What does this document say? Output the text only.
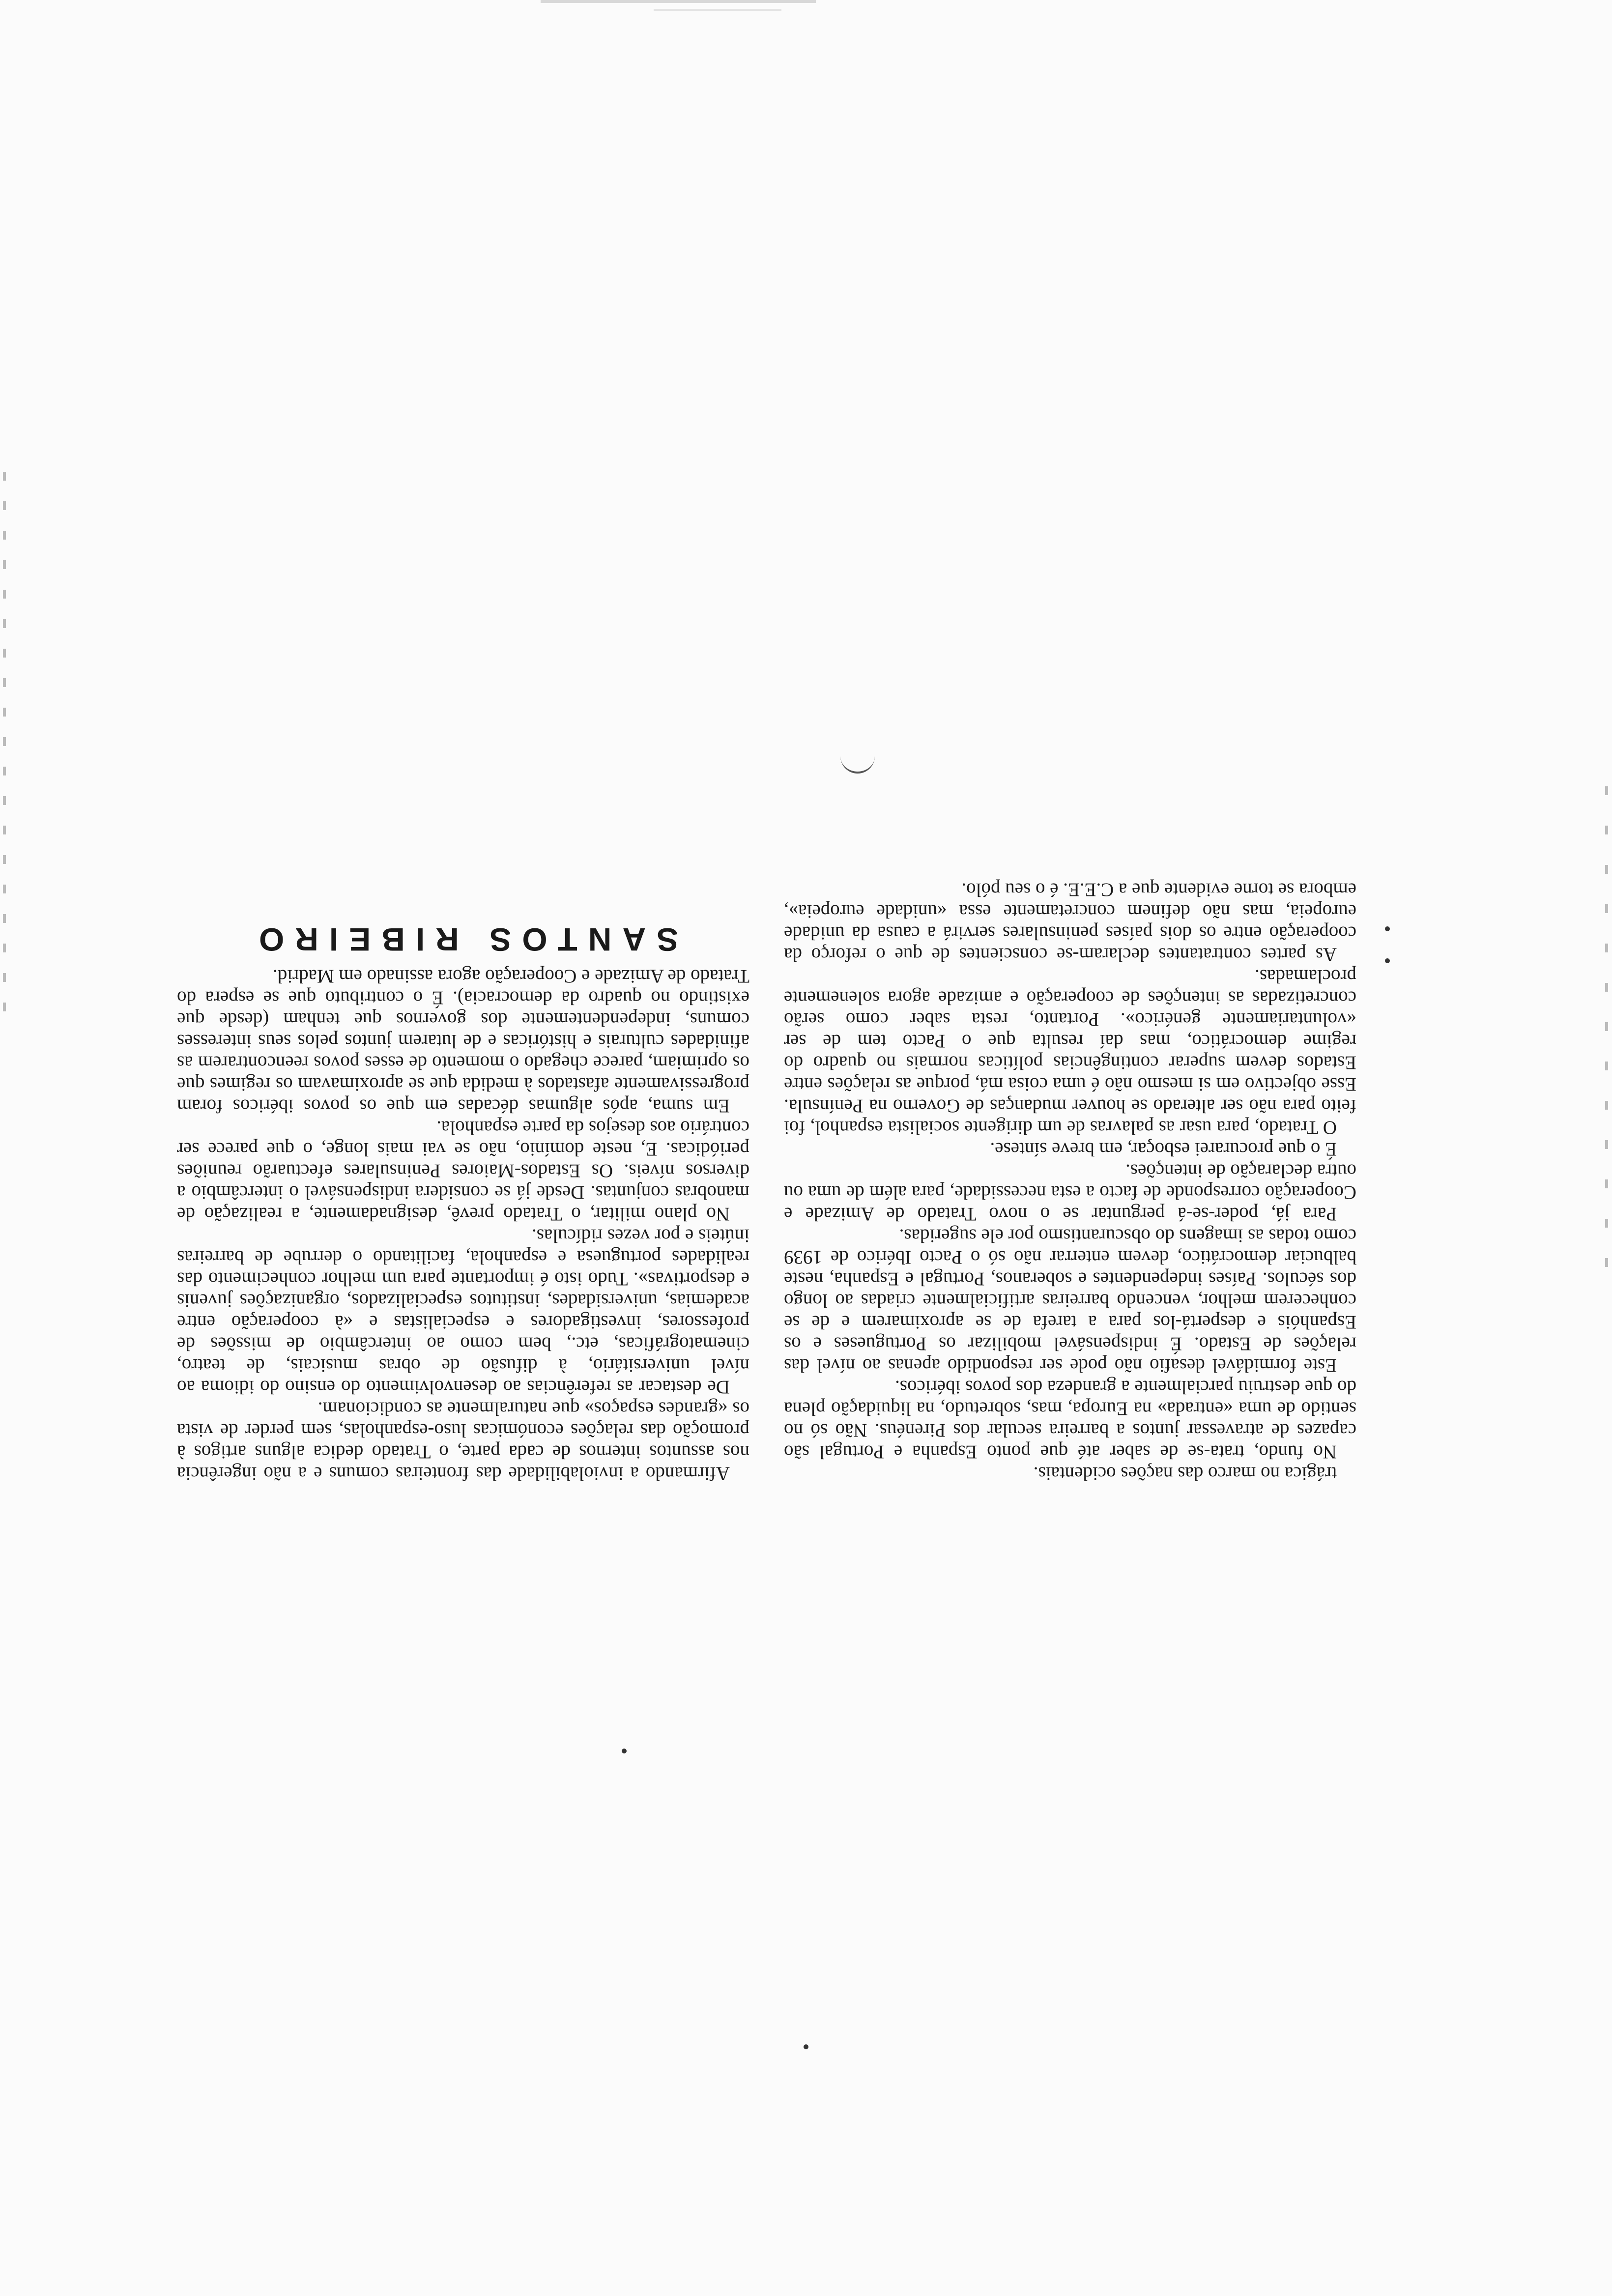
trágica no marco das nações ocidentais.

No fundo, trata-se de saber até que ponto Espanha e Portugal são capazes de atravessar juntos a barreira secular dos Pirenéus. Não só no sentido de uma «entrada» na Europa, mas, sobretudo, na liquidação plena do que destruiu parcialmente a grandeza dos povos ibéricos.

Este formidável desafio não pode ser respondido apenas ao nível das relações de Estado. É indispensável mobilizar os Portugueses e os Espanhóis e despertá-los para a tarefa de se aproximarem e de se conhecerem melhor, vencendo barreiras artificialmente criadas ao longo dos séculos. Países independentes e soberanos, Portugal e Espanha, neste balbuciar democrático, devem enterrar não só o Pacto Ibérico de 1939 como todas as imagens do obscurantismo por ele sugeridas.

Para já, poder-se-á perguntar se o novo Tratado de Amizade e Cooperação corresponde de facto a esta necessidade, para além de uma ou outra declaração de intenções.

É o que procurarei esboçar, em breve síntese.

O Tratado, para usar as palavras de um dirigente socialista espanhol, foi feito para não ser alterado se houver mudanças de Governo na Península. Esse objectivo em si mesmo não é uma coisa má, porque as relações entre Estados devem superar contingências políticas normais no quadro do regime democrático, mas daí resulta que o Pacto tem de ser «voluntariamente genérico». Portanto, resta saber como serão concretizadas as intenções de cooperação e amizade agora solenemente proclamadas.

As partes contratantes declaram-se conscientes de que o reforço da cooperação entre os dois países peninsulares servirá a causa da unidade europeia, mas não definem concretamente essa «unidade europeia», embora se torne evidente que a C.E.E. é o seu pólo.

Afirmando a inviolabilidade das fronteiras comuns e a não ingerência nos assuntos internos de cada parte, o Tratado dedica alguns artigos à promoção das relações económicas luso-espanholas, sem perder de vista os «grandes espaços» que naturalmente as condicionam.

De destacar as referências ao desenvolvimento do ensino do idioma ao nível universitário, à difusão de obras musicais, de teatro, cinematográficas, etc., bem como ao intercâmbio de missões de professores, investigadores e especialistas e «à cooperação entre academias, universidades, institutos especializados, organizações juvenis e desportivas». Tudo isto é importante para um melhor conhecimento das realidades portuguesa e espanhola, facilitando o derrube de barreiras inúteis e por vezes ridículas.

No plano militar, o Tratado prevê, designadamente, a realização de manobras conjuntas. Desde já se considera indispensável o intercâmbio a diversos níveis. Os Estados-Maiores Peninsulares efectuarão reuniões periódicas. E, neste domínio, não se vai mais longe, o que parece ser contrário aos desejos da parte espanhola.

Em suma, após algumas décadas em que os povos ibéricos foram progressivamente afastados à medida que se aproximavam os regimes que os oprimiam, parece chegado o momento de esses povos reencontrarem as afinidades culturais e históricas e de lutarem juntos pelos seus interesses comuns, independentemente dos governos que tenham (desde que existindo no quadro da democracia). É o contributo que se espera do Tratado de Amizade e Cooperação agora assinado em Madrid.

SANTOS RIBEIRO
